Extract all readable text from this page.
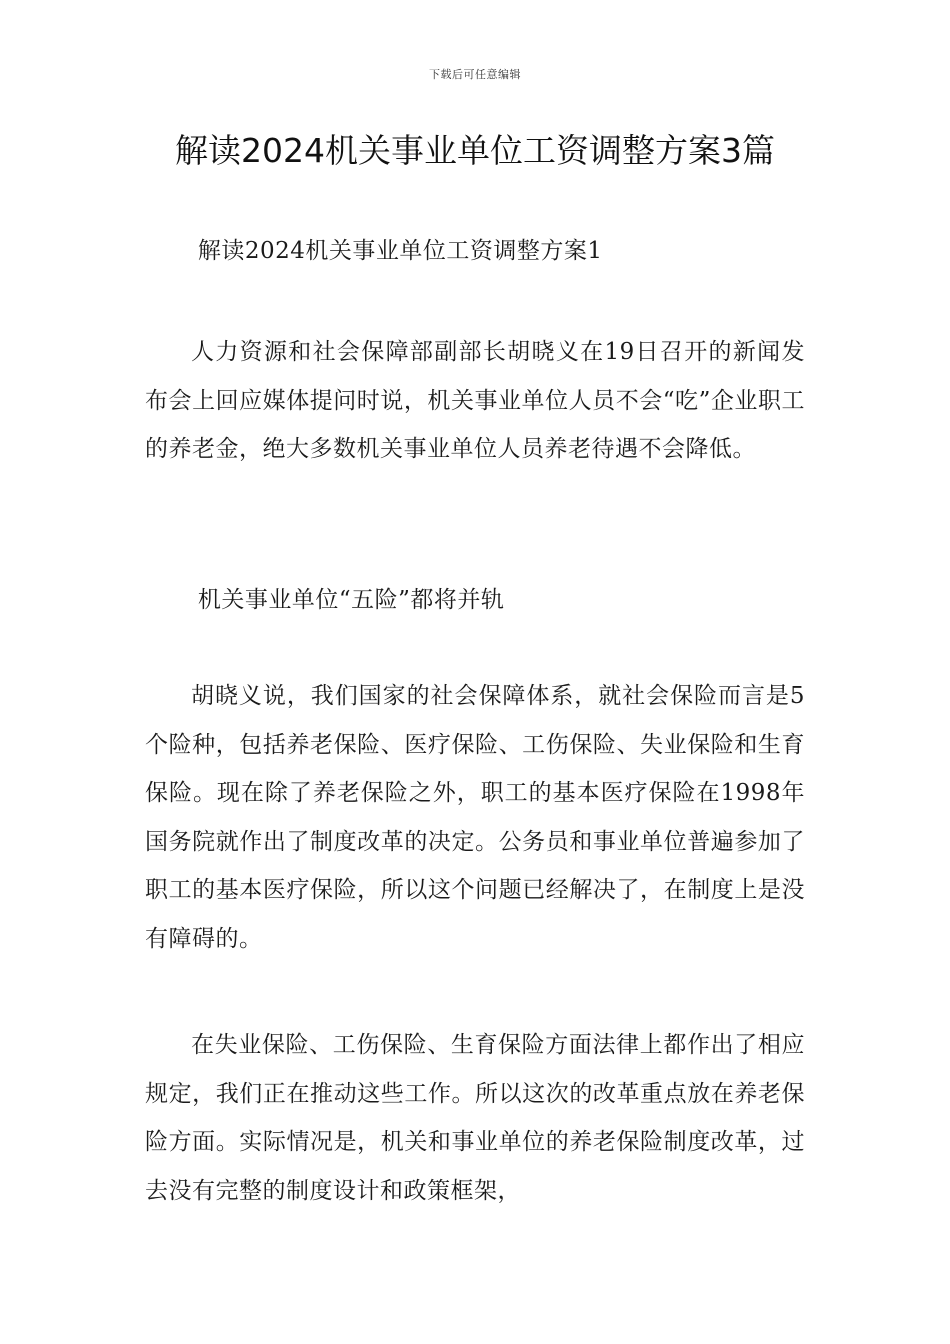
下载后可任意编辑
解读2024机关事业单位工资调整方案3篇

解读2024机关事业单位工资调整方案1

人力资源和社会保障部副部长胡晓义在19日召开的新闻发布会上回应媒体提问时说，机关事业单位人员不会“吃”企业职工的养老金，绝大多数机关事业单位人员养老待遇不会降低。

机关事业单位“五险”都将并轨

胡晓义说，我们国家的社会保障体系，就社会保险而言是5个险种，包括养老保险、医疗保险、工伤保险、失业保险和生育保险。现在除了养老保险之外，职工的基本医疗保险在1998年国务院就作出了制度改革的决定。公务员和事业单位普遍参加了职工的基本医疗保险，所以这个问题已经解决了，在制度上是没有障碍的。

在失业保险、工伤保险、生育保险方面法律上都作出了相应规定，我们正在推动这些工作。所以这次的改革重点放在养老保险方面。实际情况是，机关和事业单位的养老保险制度改革，过去没有完整的制度设计和政策框架，
